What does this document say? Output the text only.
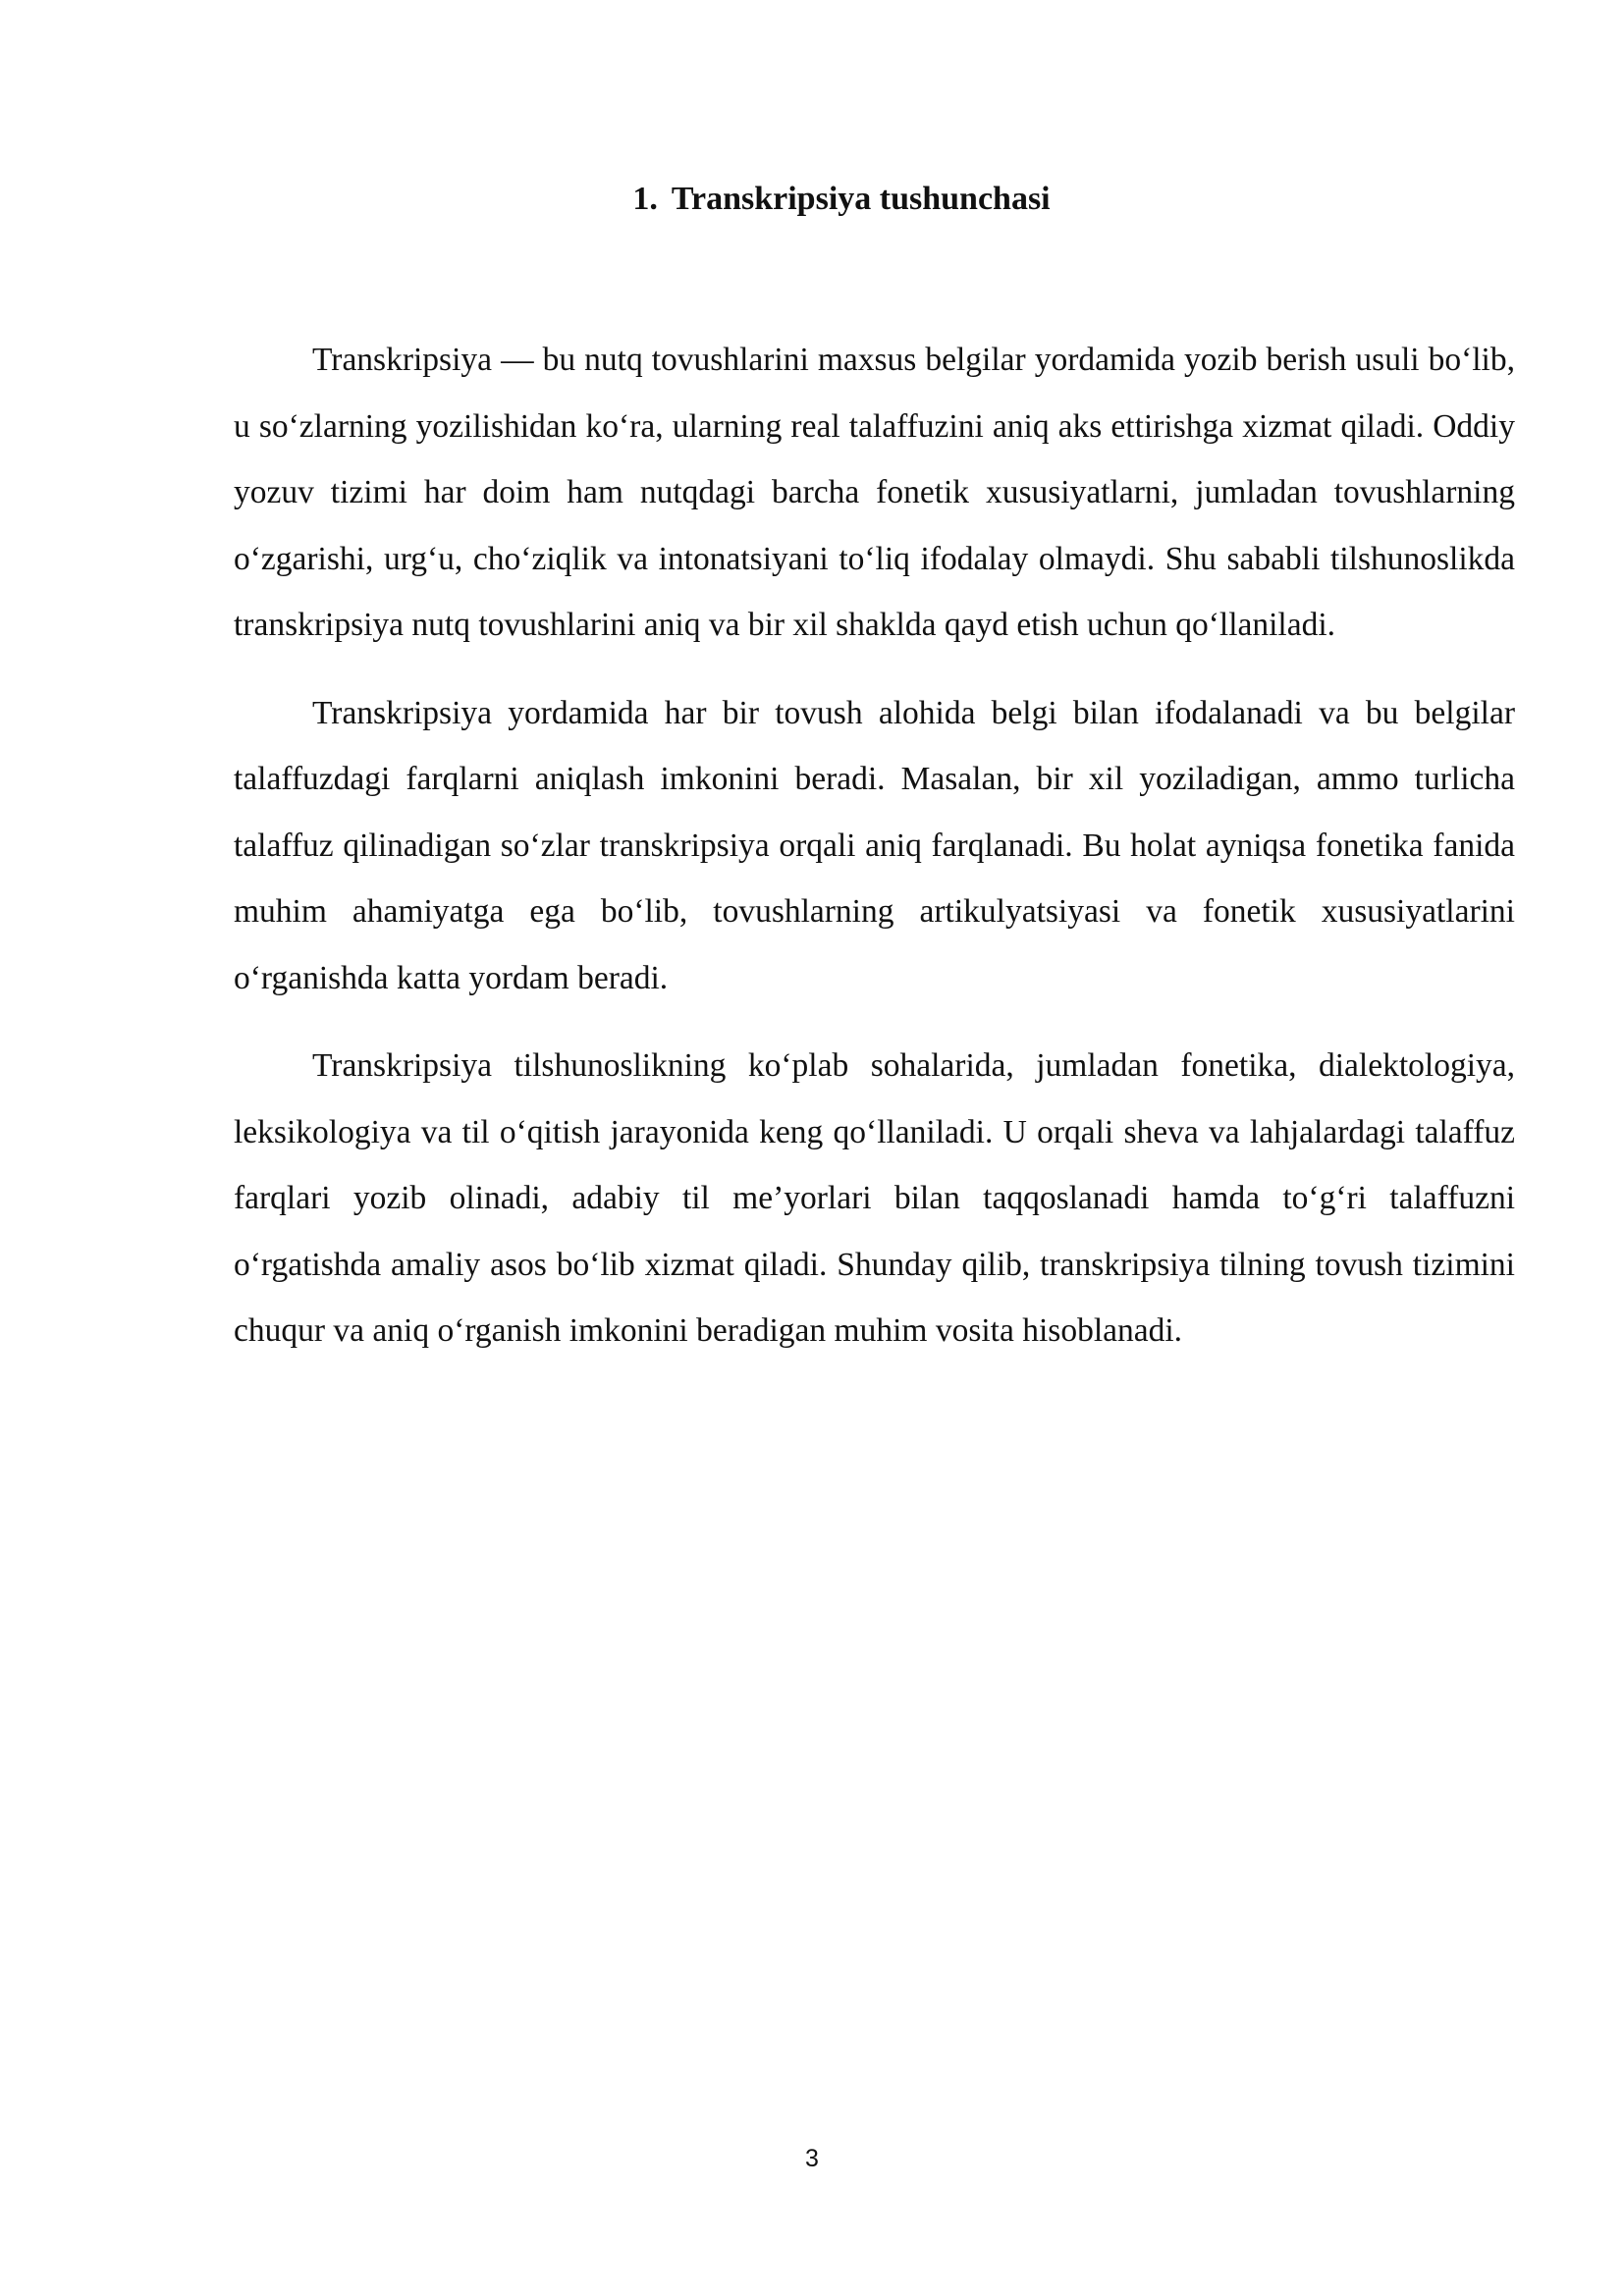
1. Transkripsiya tushunchasi

Transkripsiya — bu nutq tovushlarini maxsus belgilar yordamida yozib berish usuli bo‘lib, u so‘zlarning yozilishidan ko‘ra, ularning real talaffuzini aniq aks ettirishga xizmat qiladi. Oddiy yozuv tizimi har doim ham nutqdagi barcha fonetik xususiyatlarni, jumladan tovushlarning o‘zgarishi, urg‘u, cho‘ziqlik va intonatsiyani to‘liq ifodalay olmaydi. Shu sababli tilshunoslikda transkripsiya nutq tovushlarini aniq va bir xil shaklda qayd etish uchun qo‘llaniladi.

Transkripsiya yordamida har bir tovush alohida belgi bilan ifodalanadi va bu belgilar talaffuzdagi farqlarni aniqlash imkonini beradi. Masalan, bir xil yoziladigan, ammo turlicha talaffuz qilinadigan so‘zlar transkripsiya orqali aniq farqlanadi. Bu holat ayniqsa fonetika fanida muhim ahamiyatga ega bo‘lib, tovushlarning artikulyatsiyasi va fonetik xususiyatlarini o‘rganishda katta yordam beradi.

Transkripsiya tilshunoslikning ko‘plab sohalarida, jumladan fonetika, dialektologiya, leksikologiya va til o‘qitish jarayonida keng qo‘llaniladi. U orqali sheva va lahjalardagi talaffuz farqlari yozib olinadi, adabiy til me’yorlari bilan taqqoslanadi hamda to‘g‘ri talaffuzni o‘rgatishda amaliy asos bo‘lib xizmat qiladi. Shunday qilib, transkripsiya tilning tovush tizimini chuqur va aniq o‘rganish imkonini beradigan muhim vosita hisoblanadi.

3
